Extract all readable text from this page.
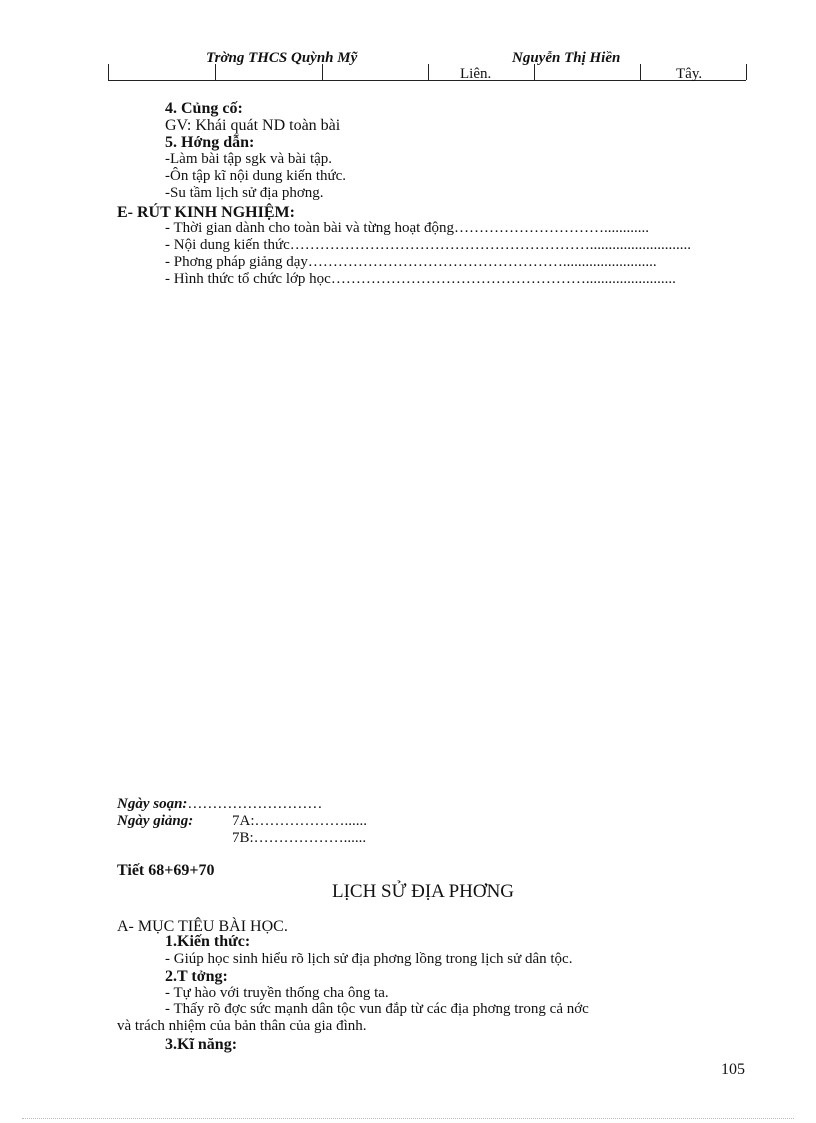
Trờng THCS Quỳnh Mỹ	Nguyễn Thị Hiền
Liên.	Tây.
4. Củng cố:
GV: Khái quát ND toàn bài
5. Hớng dẫn:
-Làm bài tập sgk và bài tập.
-Ôn tập kĩ nội dung kiến thức.
-Su tầm lịch sử địa phơng.
E- RÚT KINH NGHIỆM:
- Thời gian dành cho toàn bài và từng hoạt động…………………………............
- Nội dung kiến thức……………………………………………………...........................
- Phơng pháp giảng dạy…………………………………………….........................
- Hình thức tổ chức lớp học……………………………………………........................
Ngày soạn:………………………
Ngày giảng:	7A:………………......
7B:………………......
Tiết 68+69+70
LỊCH SỬ ĐỊA PHƠNG
A- MỤC TIÊU BÀI HỌC.
1.Kiến thức:
- Giúp học sinh hiểu rõ lịch sử địa phơng lồng trong lịch sử dân tộc.
2.T tởng:
- Tự hào với truyền thống cha ông ta.
- Thấy rõ đợc sức mạnh dân tộc vun đắp từ các địa phơng trong cả nớc
và trách nhiệm của bản thân của gia đình.
3.Kĩ năng:
105
